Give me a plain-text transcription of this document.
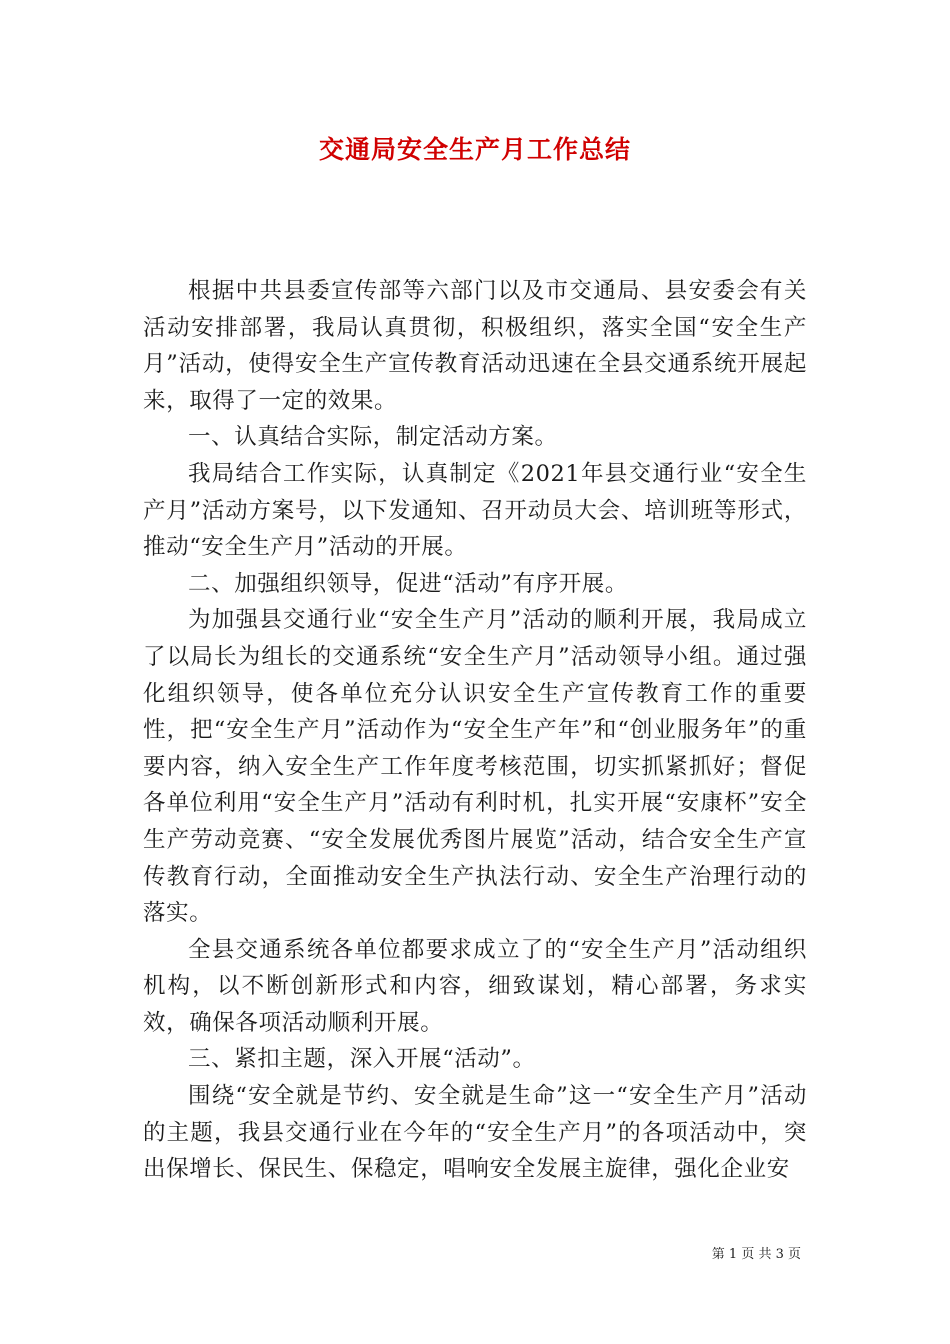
交通局安全生产月工作总结

根据中共县委宣传部等六部门以及市交通局、县安委会有关活动安排部署，我局认真贯彻，积极组织，落实全国“安全生产月”活动，使得安全生产宣传教育活动迅速在全县交通系统开展起来，取得了一定的效果。

一、认真结合实际，制定活动方案。

我局结合工作实际，认真制定《2021年县交通行业“安全生产月”活动方案号，以下发通知、召开动员大会、培训班等形式，推动“安全生产月”活动的开展。

二、加强组织领导，促进“活动”有序开展。

为加强县交通行业“安全生产月”活动的顺利开展，我局成立了以局长为组长的交通系统“安全生产月”活动领导小组。通过强化组织领导，使各单位充分认识安全生产宣传教育工作的重要性，把“安全生产月”活动作为“安全生产年”和“创业服务年”的重要内容，纳入安全生产工作年度考核范围，切实抓紧抓好；督促各单位利用“安全生产月”活动有利时机，扎实开展“安康杯”安全生产劳动竞赛、“安全发展优秀图片展览”活动，结合安全生产宣传教育行动，全面推动安全生产执法行动、安全生产治理行动的落实。

全县交通系统各单位都要求成立了的“安全生产月”活动组织机构，以不断创新形式和内容，细致谋划，精心部署，务求实效，确保各项活动顺利开展。

三、紧扣主题，深入开展“活动”。

围绕“安全就是节约、安全就是生命”这一“安全生产月”活动的主题，我县交通行业在今年的“安全生产月”的各项活动中，突出保增长、保民生、保稳定，唱响安全发展主旋律，强化企业安

第 1 页 共 3 页
